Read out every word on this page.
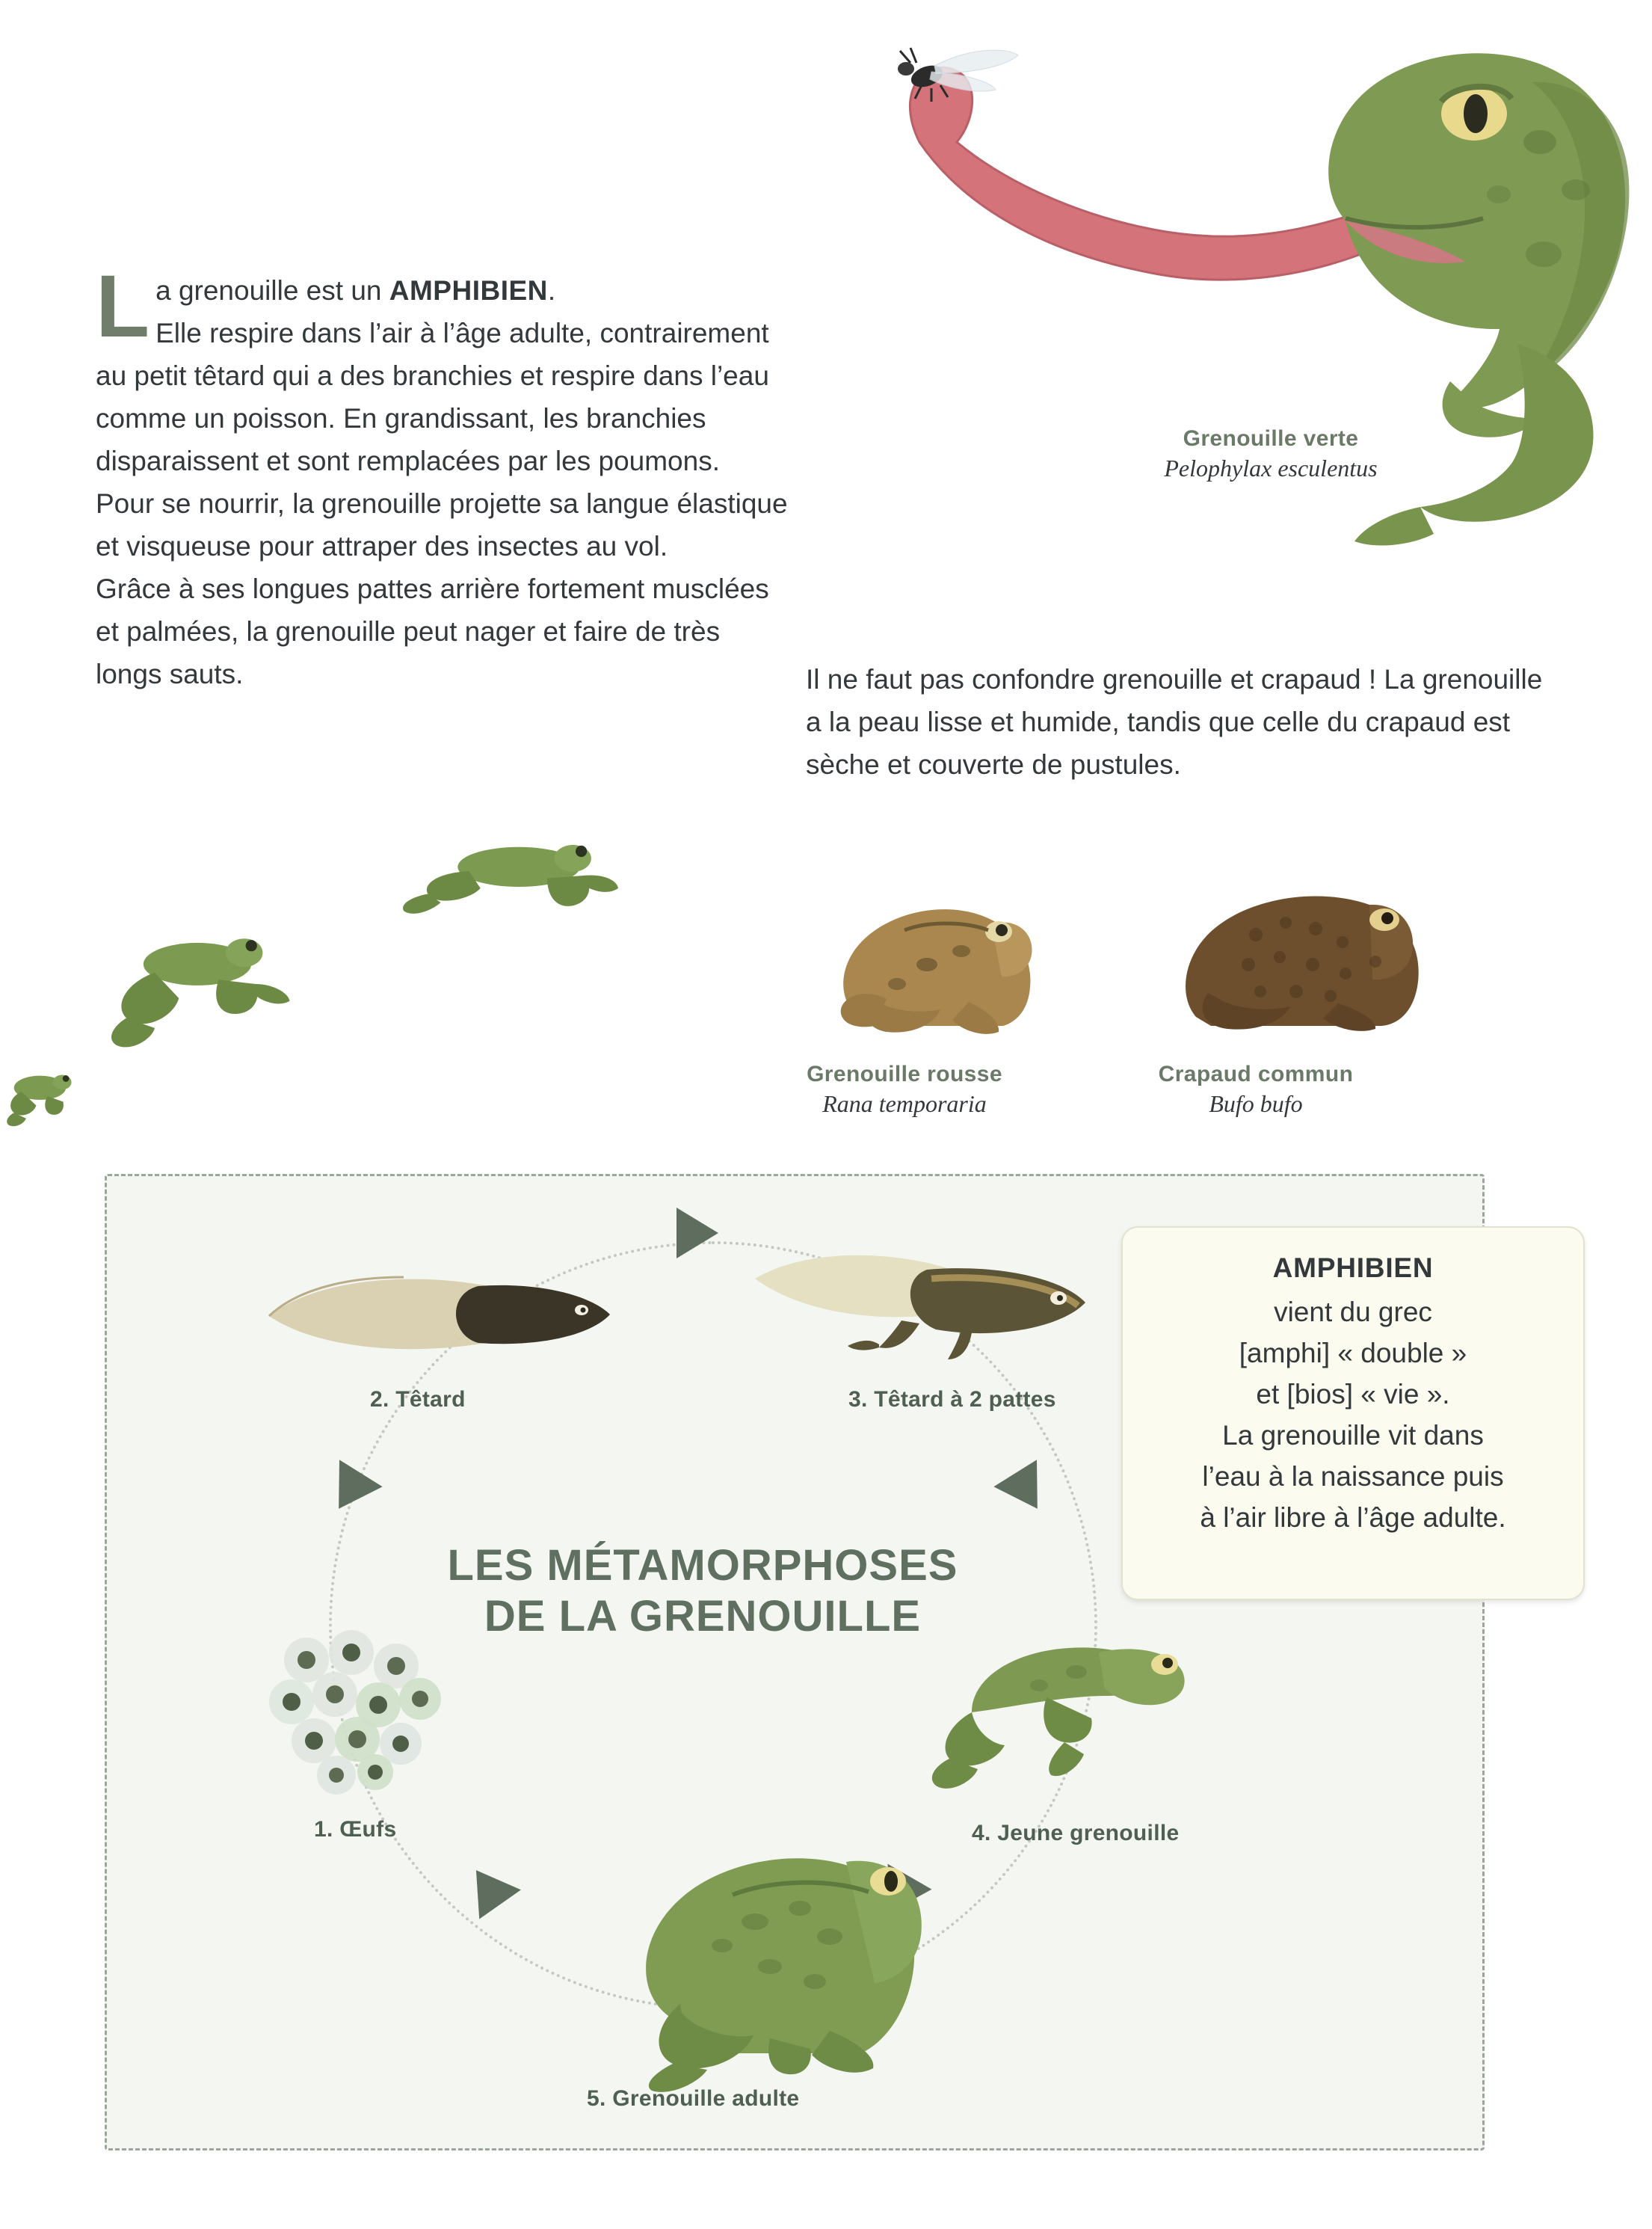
Grenouille verte
Pelophylax esculentus
L a grenouille est un AMPHIBIEN.

Elle respire dans l’air à l’âge adulte, contrairement au petit têtard qui a des branchies et respire dans l’eau comme un poisson. En grandissant, les branchies disparaissent et sont remplacées par les poumons.

Pour se nourrir, la grenouille projette sa langue élastique et visqueuse pour attraper des insectes au vol.

Grâce à ses longues pattes arrière fortement musclées et palmées, la grenouille peut nager et faire de très longs sauts.	Il ne faut pas confondre grenouille et crapaud ! La grenouille a la peau lisse et humide, tandis que celle du crapaud est sèche et couverte de pustules.

Grenouille rousse
Rana temporaria
Crapaud commun
Bufo bufo
LES MÉTAMORPHOSES
DE LA GRENOUILLE
1. Œufs
2. Têtard	3. Têtard à 2 pattes
4. Jeune grenouille
5. Grenouille adulte
AMPHIBIEN

vient du grec

[amphi] « double »

et [bios] « vie ».

La grenouille vit dans

l’eau à la naissance puis

à l’air libre à l’âge adulte.
